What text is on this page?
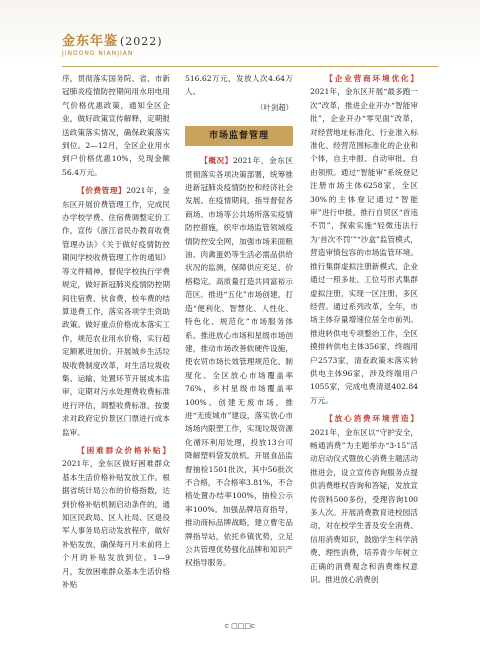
金东年鉴 (2022)
JINDONG NIANJIAN

序，贯彻落实国务院、省、市新冠肺炎疫情防控期间用水用电用气价格优惠政策，通知全区企业，做好政策宣传解释，定期报送政策落实情况，确保政策落实到位。2—12月，全区企业用水到户价格优惠10%，兑现金额56.4万元。

【价费管理】2021年，金东区开展价费管理工作，完成民办学校学费、住宿费调整定价工作，宣传《浙江省民办教育收费管理办法》《关于做好疫情防控期间学校收费管理工作的通知》等文件精神，督促学校执行学费规定，做好新冠肺炎疫情防控期间住宿费、伙食费、校车费的结算退费工作，落实各项学生资助政策。做好重点价格成本落实工作，规范农业用水价格，实行超定额累进加价。开展城乡生活垃圾收费制度改革，对生活垃圾收集、运输、处置环节开展成本监审，定期对污水处理费收费标准进行评估，调整收费标准，按要求对政府定价景区门票进行成本监审。

【困难群众价格补贴】2021年，金东区做好困难群众基本生活价格补贴发放工作。根据省统计局公布的价格指数，达到价格补贴机制启动条件的，通知区民政局、区人社局、区退役军人事务局启动发放程序，做好补贴发放，确保每月月末前将上个月的补贴发放到位。1—9月，发放困难群众基本生活价格补贴

516.62万元，发放人次4.64万人。

（叶剑超）
市场监督管理

【概况】2021年，金东区贯彻落实各项决策部署，统筹推进新冠肺炎疫情防控和经济社会发展。在疫情期间，指导督促各商场、市场等公共场所落实疫情防控措施，织牢市场监管领域疫情防控安全网，加强市场来面粮油、肉禽蛋奶等生活必需品供给状况的监测，保障供应充足、价格稳定。高质量打造共同富裕示范区。推进“五化”市场创建，打造“便利化、智慧化、人性化、特色化、规范化”市场服务体系。推进放心市场和星级市场创建，推动市场改善软硬件设施，使农贸市场长效管理规范化、制度化。全区放心市场覆盖率76%，乡村星级市场覆盖率100%。创建无废市场，推进“无废城市”建设，落实放心市场场内限塑工作，实现垃圾资源化循环利用处理，投放13台可降解塑料袋发放机。开展食品监督抽检1501批次，其中56批次不合格，不合格率3.81%，不合格处置办结率100%，抽检公示率100%。加强品牌培育指导，推动商标品牌战略，建立曹宅品牌指导站，依托乡镇优势，立足公共管理优势强化品牌和知识产权指导服务。

【企业营商环境优化】2021年，金东区开展“最多跑一次”改革，推进企业开办“智能审批”，企业开办“零见面”改革，对经营地址标准化、行业准入标准化、经营范围标准化的企业和个体，自主申报、自动审批、自由领照。通过“智能审”系统登记注册市场主体6258家，全区30%的主体登记通过“智能审”进行申报。推行自贸区“首违不罚”，探索实施“轻微违法行为‘首次不罚’”“沙盒”监管模式，营造审慎包容的市场监管环境。推行集群虚拟注册新模式，企业通过一照多址、工位号形式集群虚拟注册，实现一区注册、多区经营。通过系列改革，全年，市场主体存量增速位居全市前列。推进转供电专项整治工作，全区摸排转供电主体356家，终端用户2573家，清查政策未落实转供电主体96家，涉及终端用户1055家，完成电费清退402.84万元。

【放心消费环境营造】2021年，金东区以“守护安全，畅通消费”为主题举办“3·15”活动启动仪式暨放心消费主题活动推进会，设立宣传咨询服务点提供消费维权咨询和答疑，发放宣传资料500多份，受理咨询100多人次。开展消费教育进校园活动，对在校学生普及安全消费、信用消费知识，鼓励学生科学消费、理性消费，培养青少年树立正确的消费观念和消费维权意识。推进放心消费创

c □□□c
